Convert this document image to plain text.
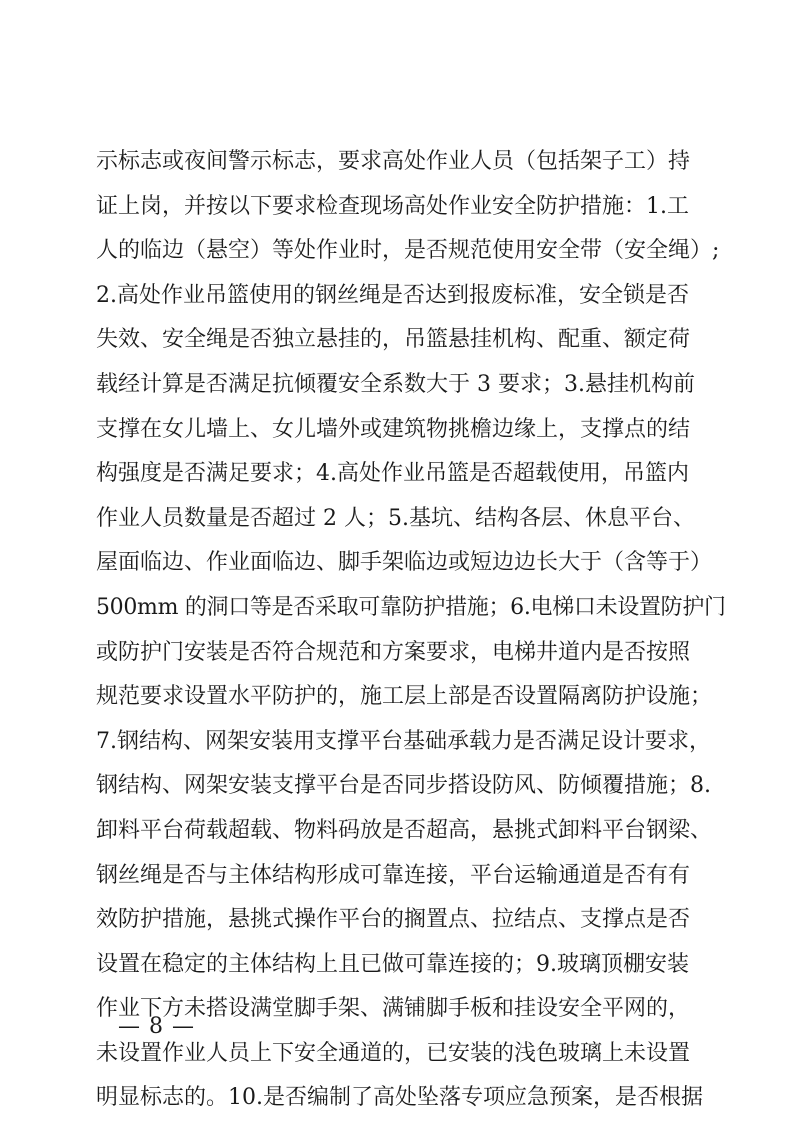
示标志或夜间警示标志，要求高处作业人员（包括架子工）持
证上岗，并按以下要求检查现场高处作业安全防护措施：1.工
人的临边（悬空）等处作业时，是否规范使用安全带（安全绳）;
2.高处作业吊篮使用的钢丝绳是否达到报废标准，安全锁是否
失效、安全绳是否独立悬挂的，吊篮悬挂机构、配重、额定荷
载经计算是否满足抗倾覆安全系数大于 3 要求；3.悬挂机构前
支撑在女儿墙上、女儿墙外或建筑物挑檐边缘上，支撑点的结
构强度是否满足要求；4.高处作业吊篮是否超载使用，吊篮内
作业人员数量是否超过 2 人；5.基坑、结构各层、休息平台、
屋面临边、作业面临边、脚手架临边或短边边长大于（含等于）
500mm 的洞口等是否采取可靠防护措施；6.电梯口未设置防护门
或防护门安装是否符合规范和方案要求，电梯井道内是否按照
规范要求设置水平防护的，施工层上部是否设置隔离防护设施；
7.钢结构、网架安装用支撑平台基础承载力是否满足设计要求，
钢结构、网架安装支撑平台是否同步搭设防风、防倾覆措施；8.
卸料平台荷载超载、物料码放是否超高，悬挑式卸料平台钢梁、
钢丝绳是否与主体结构形成可靠连接，平台运输通道是否有有
效防护措施，悬挑式操作平台的搁置点、拉结点、支撑点是否
设置在稳定的主体结构上且已做可靠连接的；9.玻璃顶棚安装
作业下方未搭设满堂脚手架、满铺脚手板和挂设安全平网的，
未设置作业人员上下安全通道的，已安装的浅色玻璃上未设置
明显标志的。10.是否编制了高处坠落专项应急预案，是否根据
— 8 —
